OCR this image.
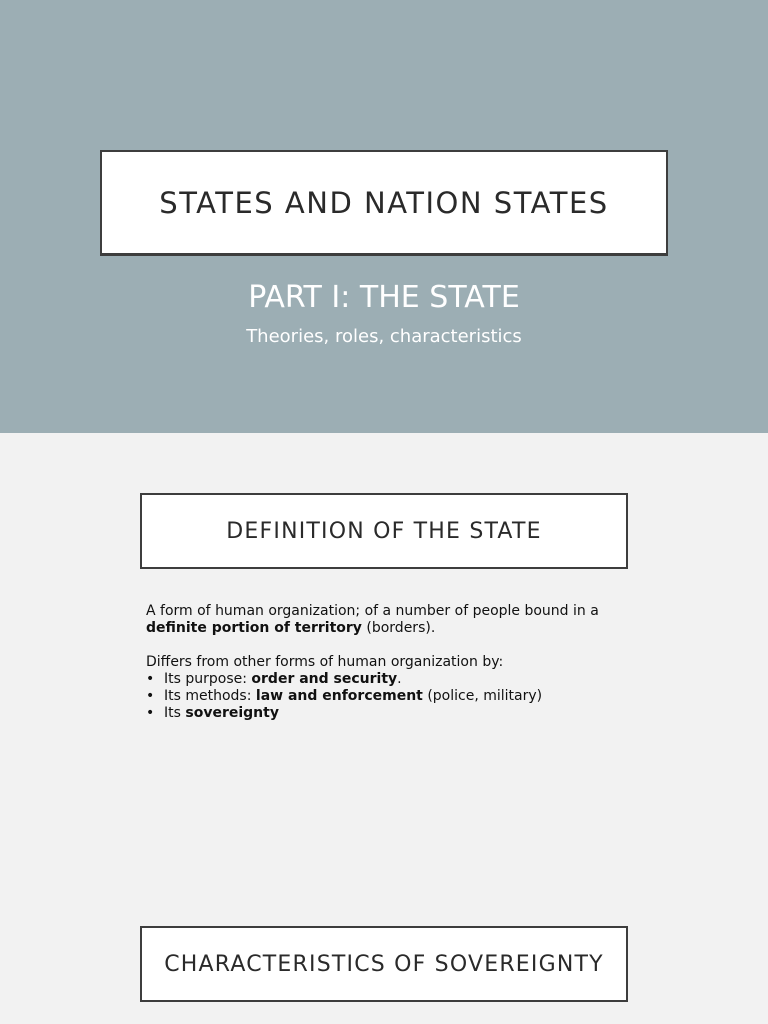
STATES AND NATION STATES
PART I: THE STATE
Theories, roles, characteristics
DEFINITION OF THE STATE

A form of human organization; of a number of people bound in a definite portion of territory (borders).

Differs from other forms of human organization by:

• Its purpose: order and security.
• Its methods: law and enforcement (police, military)
• Its sovereignty
CHARACTERISTICS OF SOVEREIGNTY
